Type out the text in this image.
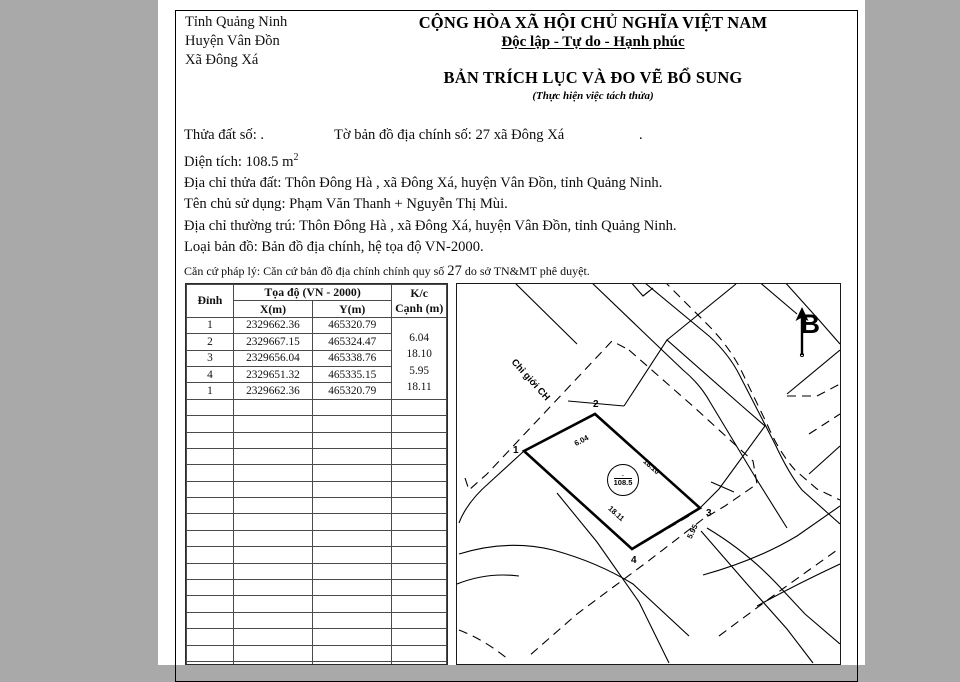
Tỉnh Quảng Ninh
Huyện Vân Đồn
Xã Đông Xá
CỘNG HÒA XÃ HỘI CHỦ NGHĨA VIỆT NAM
Độc lập - Tự do - Hạnh phúc
BẢN TRÍCH LỤC VÀ ĐO VẼ BỔ SUNG
(Thực hiện việc tách thửa)
Thửa đất số: .	Tờ bản đồ địa chính số: 27 xã Đông Xá	.
Diện tích: 108.5 $m^2$
Địa chỉ thửa đất: Thôn Đông Hà , xã Đông Xá, huyện Vân Đồn, tỉnh Quảng Ninh.
Tên chủ sử dụng: Phạm Văn Thanh + Nguyễn Thị Mùi.
Địa chỉ thường trú: Thôn Đông Hà , xã Đông Xá, huyện Vân Đồn, tỉnh Quảng Ninh.
Loại bản đồ: Bản đồ địa chính, hệ tọa độ VN-2000.
Căn cứ pháp lý: Căn cứ bản đồ địa chính chính quy số 27 do sở TN&MT phê duyệt.
Đỉnh	Tọa độ (VN - 2000)		K/c
Cạnh (m)

	X(m)	Y(m)	
1	2329662.36	465320.79	
2	2329667.15	465324.47	6.04
3	2329656.04	465338.76	18.10
4	2329651.32	465335.15	5.95
1	2329662.36	465320.79	18.11

B
Chỉ giới CH
.
108.5
1
2
3
4
6.04
18.10
5.95
18.11
